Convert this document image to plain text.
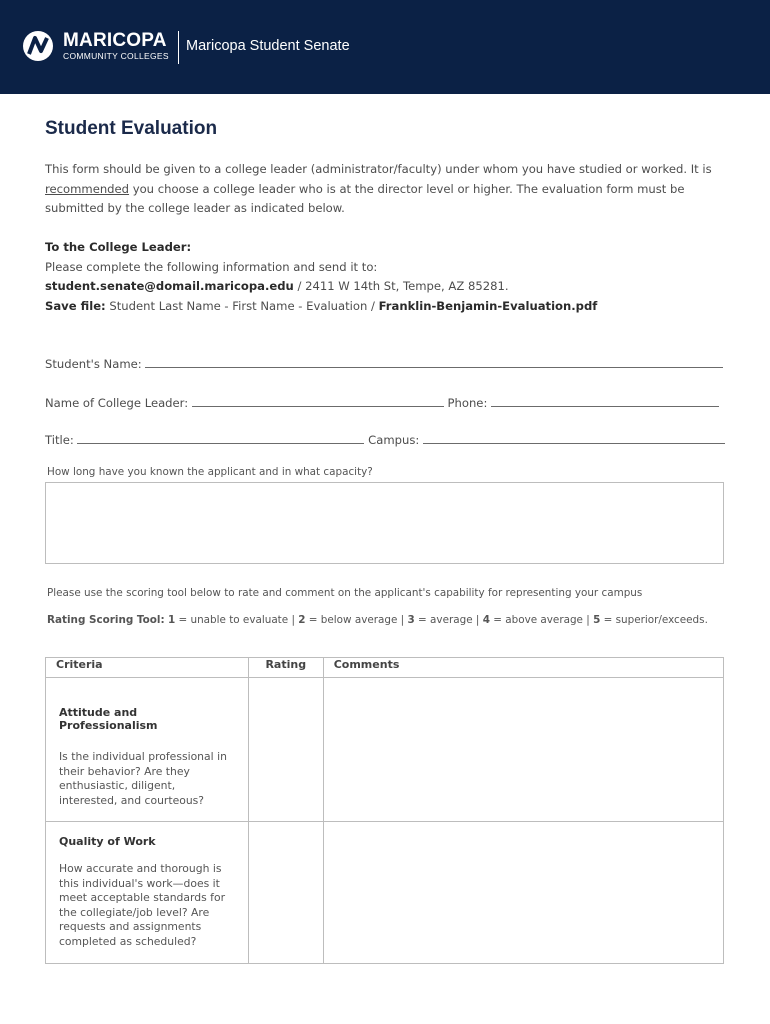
MARICOPA
COMMUNITY COLLEGES
Maricopa Student Senate
Student Evaluation
This form should be given to a college leader (administrator/faculty) under whom you have studied or worked. It is
recommended you choose a college leader who is at the director level or higher. The evaluation form must be submitted by the college leader as indicated below.
To the College Leader:
Please complete the following information and send it to:
student.senate@domail.maricopa.edu / 2411 W 14th St, Tempe, AZ 85281.
Save file: Student Last Name - First Name - Evaluation / Franklin-Benjamin-Evaluation.pdf
Student's Name:
Name of College Leader:	Phone:
Title:	Campus:
How long have you known the applicant and in what capacity?
Please use the scoring tool below to rate and comment on the applicant's capability for representing your campus
Rating Scoring Tool: 1 = unable to evaluate | 2 = below average | 3 = average | 4 = above average | 5 = superior/exceeds.
Criteria	Rating	Comments

Attitude and Professionalism
Is the individual professional in their behavior? Are they enthusiastic, diligent, interested, and courteous?		

Quality of Work
How accurate and thorough is this individual's work—does it meet acceptable standards for the collegiate/job level? Are requests and assignments completed as scheduled?		
